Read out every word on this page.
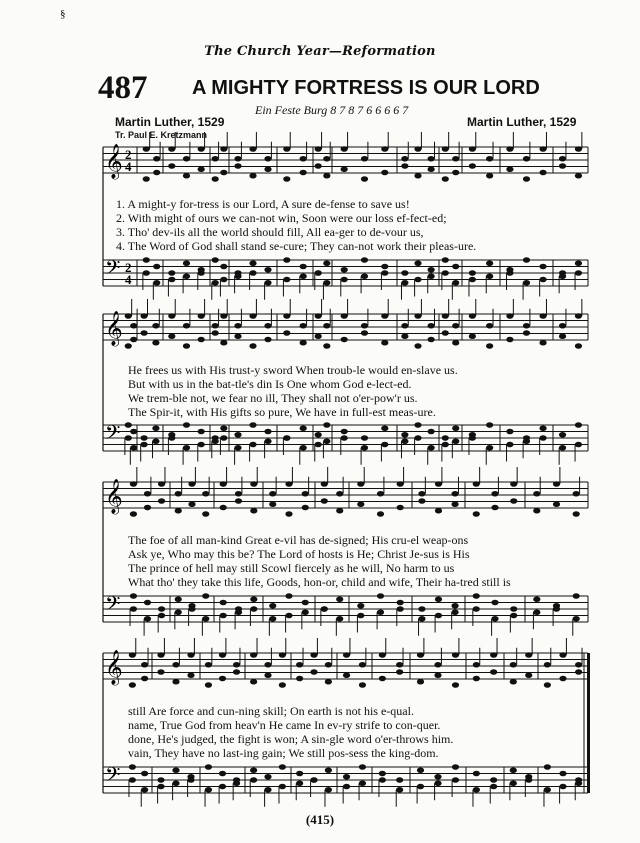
§
The Church Year—Reformation
487 A MIGHTY FORTRESS IS OUR LORD
Ein Feste Burg 8 7 8 7 6 6 6 6 7
Martin Luther, 1529
Tr. Paul E. Kretzmann
Martin Luther, 1529
𝄞
𝄢
2
2
4
4
𝄞
𝄢
𝄞
𝄢
𝄞
𝄢
1. A might-y for-tress is our Lord, A sure de-fense to save us!
2. With might of ours we can-not win, Soon were our loss ef-fect-ed;
3. Tho' dev-ils all the world should fill, All ea-ger to de-vour us,
4. The Word of God shall stand se-cure; They can-not work their pleas-ure.
He frees us with His trust-y sword When troub-le would en-slave us.
But with us in the bat-tle's din Is One whom God e-lect-ed.
We trem-ble not, we fear no ill, They shall not o'er-pow'r us.
The Spir-it, with His gifts so pure, We have in full-est meas-ure.
The foe of all man-kind Great e-vil has de-signed; His cru-el weap-ons
Ask ye, Who may this be? The Lord of hosts is He; Christ Je-sus is His
The prince of hell may still Scowl fiercely as he will, No harm to us
What tho' they take this life, Goods, hon-or, child and wife, Their ha-tred still is
still Are force and cun-ning skill; On earth is not his e-qual.
name, True God from heav'n He came In ev-ry strife to con-quer.
done, He's judged, the fight is won; A sin-gle word o'er-throws him.
vain, They have no last-ing gain; We still pos-sess the king-dom.
(415)
